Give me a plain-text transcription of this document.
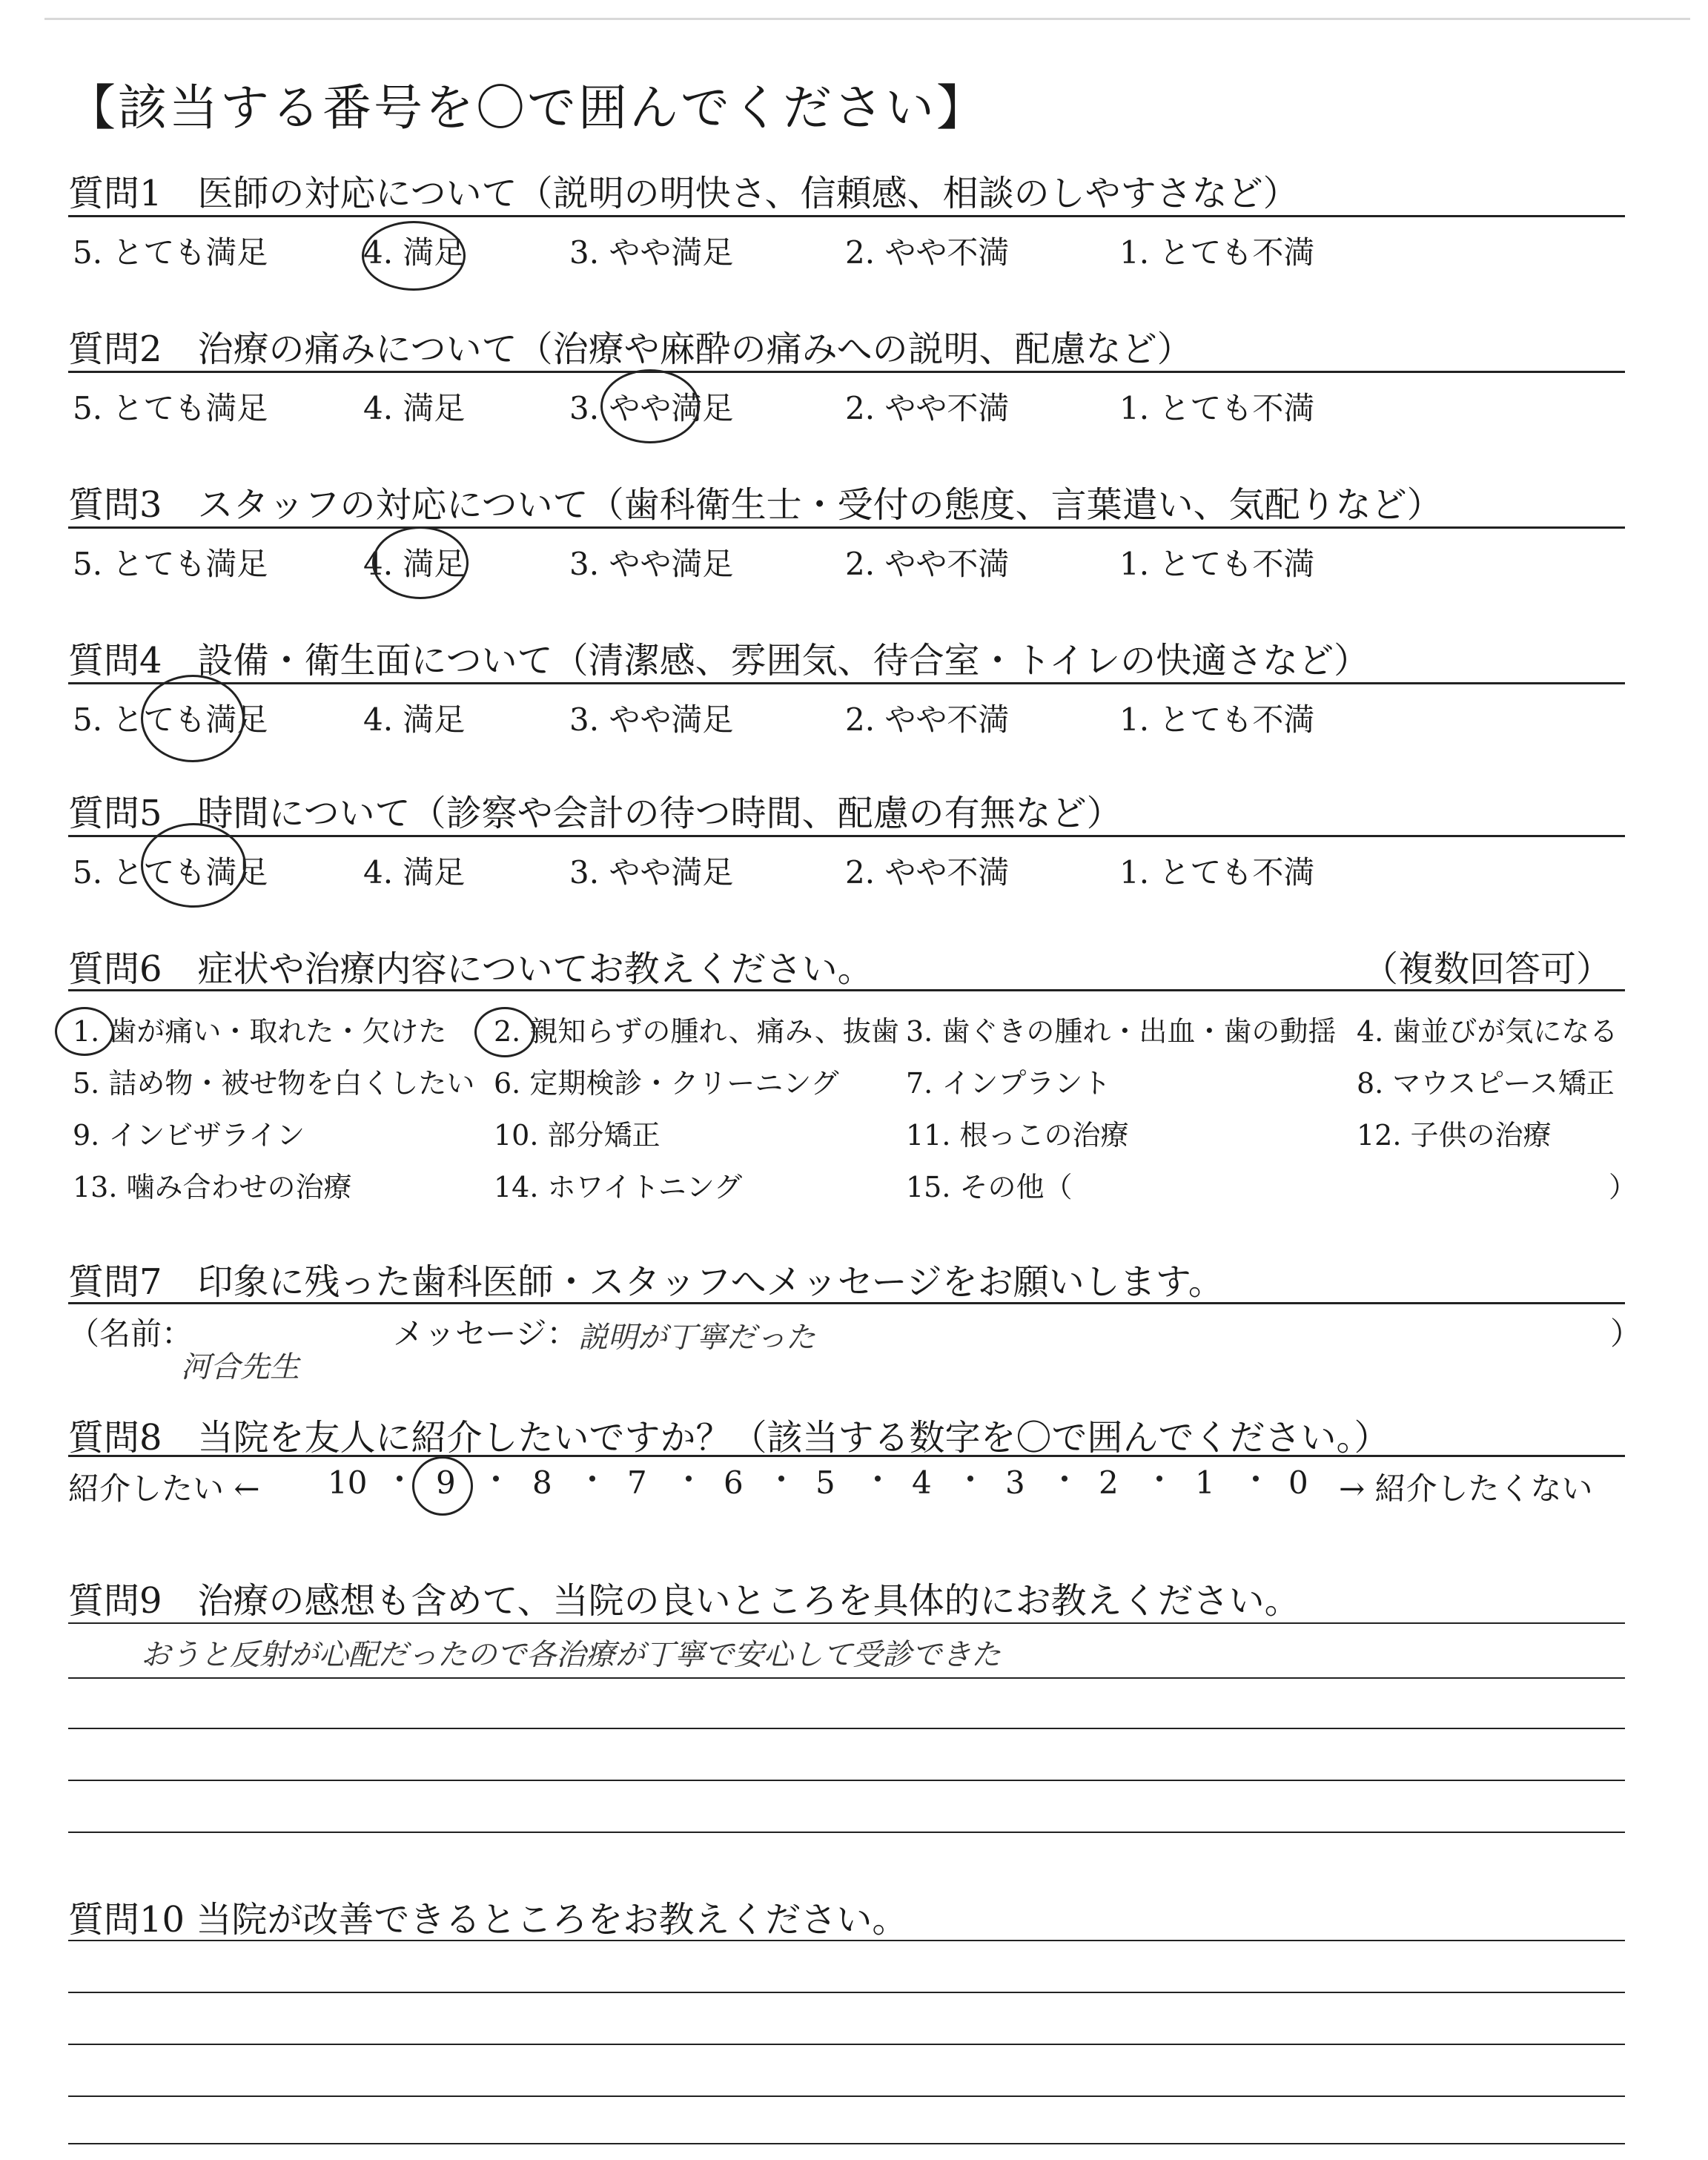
【該当する番号を〇で囲んでください】
質問1　医師の対応について（説明の明快さ、信頼感、相談のしやすさなど）
5. とても満足	4. 満足	3. やや満足	2. やや不満	1. とても不満
質問2　治療の痛みについて（治療や麻酔の痛みへの説明、配慮など）
5. とても満足	4. 満足	3. やや満足	2. やや不満	1. とても不満
質問3　スタッフの対応について（歯科衛生士・受付の態度、言葉遣い、気配りなど）
5. とても満足	4. 満足	3. やや満足	2. やや不満	1. とても不満
質問4　設備・衛生面について（清潔感、雰囲気、待合室・トイレの快適さなど）
5. とても満足	4. 満足	3. やや満足	2. やや不満	1. とても不満
質問5　時間について（診察や会計の待つ時間、配慮の有無など）
5. とても満足	4. 満足	3. やや満足	2. やや不満	1. とても不満
質問6　症状や治療内容についてお教えください。	（複数回答可）
1. 歯が痛い・取れた・欠けた 2. 親知らずの腫れ、痛み、抜歯 3. 歯ぐきの腫れ・出血・歯の動揺 4. 歯並びが気になる
5. 詰め物・被せ物を白くしたい 6. 定期検診・クリーニング 7. インプラント	8. マウスピース矯正
9. インビザライン	10. 部分矯正	11. 根っこの治療	12. 子供の治療
13. 噛み合わせの治療	14. ホワイトニング	15. その他（	）
質問7　印象に残った歯科医師・スタッフへメッセージをお願いします。
（名前：
河合先生
メッセージ： 説明が丁寧だった	）
質問8　当院を友人に紹介したいですか？（該当する数字を〇で囲んでください。）
紹介したい ← 10 9 8 7 6 5 4 3 2 1 0 → 紹介したくない
質問9　治療の感想も含めて、当院の良いところを具体的にお教えください。
おうと反射が心配だったので各治療が丁寧で安心して受診できた
質問10 当院が改善できるところをお教えください。
